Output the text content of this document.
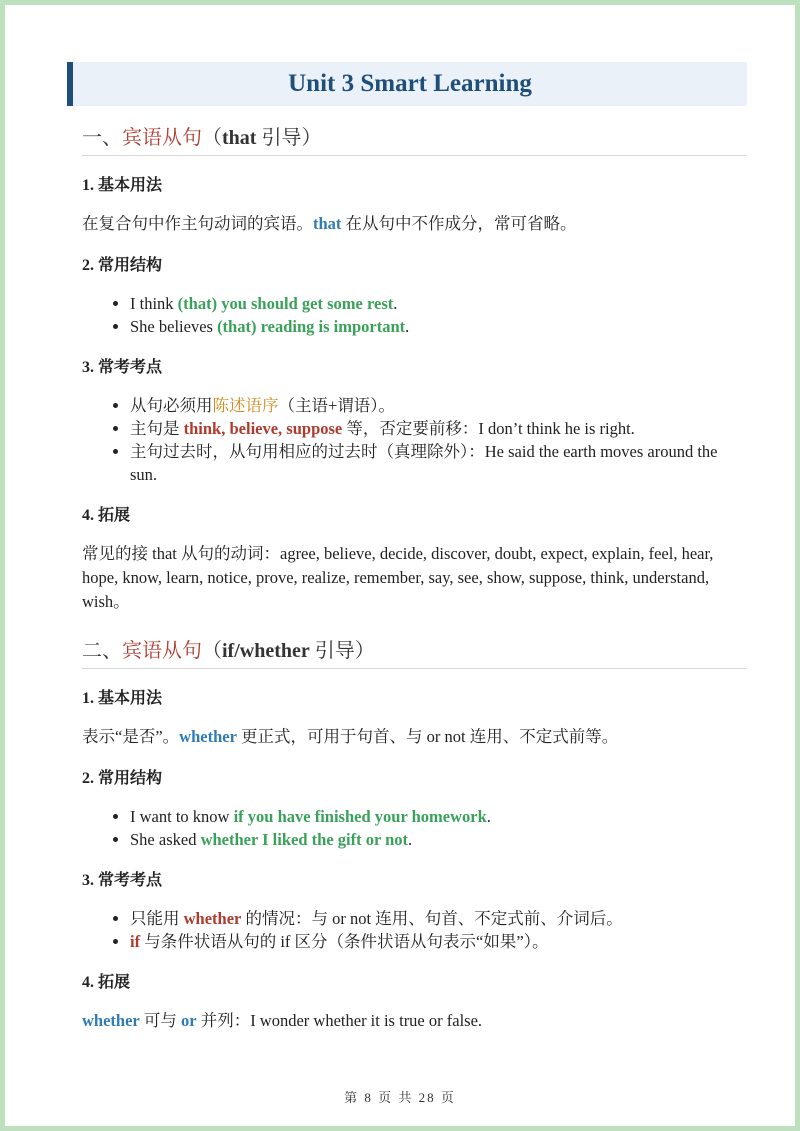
Unit 3 Smart Learning
一、宾语从句（that 引导）
1. 基本用法
在复合句中作主句动词的宾语。that 在从句中不作成分，常可省略。
2. 常用结构
• I think (that) you should get some rest.
• She believes (that) reading is important.
3. 常考考点
• 从句必须用陈述语序（主语+谓语）。
• 主句是 think, believe, suppose 等，否定要前移：I don’t think he is right.
• 主句过去时，从句用相应的过去时（真理除外）：He said the earth moves around the sun.
4. 拓展
常见的接 that 从句的动词：agree, believe, decide, discover, doubt, expect, explain, feel, hear, hope, know, learn, notice, prove, realize, remember, say, see, show, suppose, think, understand, wish。
二、宾语从句（if/whether 引导）
1. 基本用法
表示“是否”。whether 更正式，可用于句首、与 or not 连用、不定式前等。
2. 常用结构
• I want to know if you have finished your homework.
• She asked whether I liked the gift or not.
3. 常考考点
• 只能用 whether 的情况：与 or not 连用、句首、不定式前、介词后。
• if 与条件状语从句的 if 区分（条件状语从句表示“如果”）。
4. 拓展
whether 可与 or 并列：I wonder whether it is true or false.
第 8 页 共 28 页
